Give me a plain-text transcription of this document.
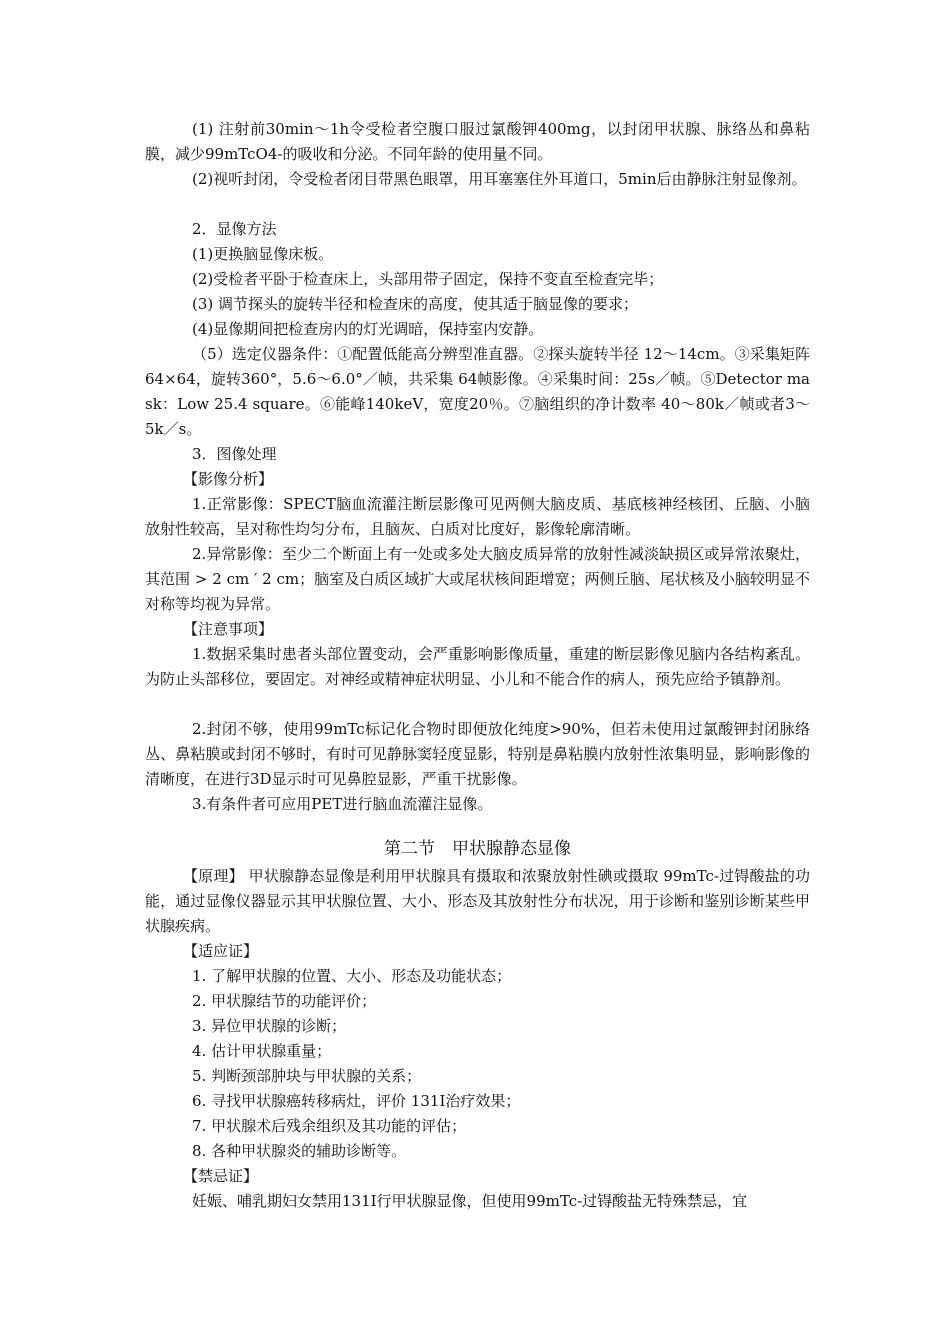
(1) 注射前30min～1h令受检者空腹口服过氯酸钾400mg，以封闭甲状腺、脉络丛和鼻粘膜，减少99mTcO4-的吸收和分泌。不同年龄的使用量不同。

(2)视听封闭，令受检者闭目带黑色眼罩，用耳塞塞住外耳道口，5min后由静脉注射显像剂。

2．显像方法

(1)更换脑显像床板。

(2)受检者平卧于检查床上，头部用带子固定，保持不变直至检查完毕；

(3) 调节探头的旋转半径和检查床的高度，使其适于脑显像的要求；

(4)显像期间把检查房内的灯光调暗，保持室内安静。

（5）选定仪器条件：①配置低能高分辨型准直器。②探头旋转半径 12～14cm。③采集矩阵64×64，旋转360°，5.6～6.0°／帧，共采集 64帧影像。④采集时间：25s／帧。⑤Detector mask：Low 25.4 square。⑥能峰140keV，宽度20％。⑦脑组织的净计数率 40～80k／帧或者3～5k／s。

3．图像处理

【影像分析】

1.正常影像：SPECT脑血流灌注断层影像可见两侧大脑皮质、基底核神经核团、丘脑、小脑放射性较高，呈对称性均匀分布，且脑灰、白质对比度好，影像轮廓清晰。

2.异常影像：至少二个断面上有一处或多处大脑皮质异常的放射性减淡缺损区或异常浓聚灶，其范围 > 2 cm ′ 2 cm；脑室及白质区域扩大或尾状核间距增宽；两侧丘脑、尾状核及小脑较明显不对称等均视为异常。

【注意事项】

1.数据采集时患者头部位置变动，会严重影响影像质量，重建的断层影像见脑内各结构紊乱。为防止头部移位，要固定。对神经或精神症状明显、小儿和不能合作的病人，预先应给予镇静剂。

2.封闭不够，使用99mTc标记化合物时即便放化纯度>90%，但若未使用过氯酸钾封闭脉络丛、鼻粘膜或封闭不够时，有时可见静脉窦轻度显影，特别是鼻粘膜内放射性浓集明显，影响影像的清晰度，在进行3D显示时可见鼻腔显影，严重干扰影像。

3.有条件者可应用PET进行脑血流灌注显像。

第二节　甲状腺静态显像

【原理】 甲状腺静态显像是利用甲状腺具有摄取和浓聚放射性碘或摄取 99mTc-过锝酸盐的功能，通过显像仪器显示其甲状腺位置、大小、形态及其放射性分布状况，用于诊断和鉴别诊断某些甲状腺疾病。

【适应证】

1. 了解甲状腺的位置、大小、形态及功能状态；

2. 甲状腺结节的功能评价；

3. 异位甲状腺的诊断；

4. 估计甲状腺重量；

5. 判断颈部肿块与甲状腺的关系；

6. 寻找甲状腺癌转移病灶，评价 131I治疗效果；

7. 甲状腺术后残余组织及其功能的评估；

8. 各种甲状腺炎的辅助诊断等。

【禁忌证】

妊娠、哺乳期妇女禁用131I行甲状腺显像，但使用99mTc-过锝酸盐无特殊禁忌，宜
